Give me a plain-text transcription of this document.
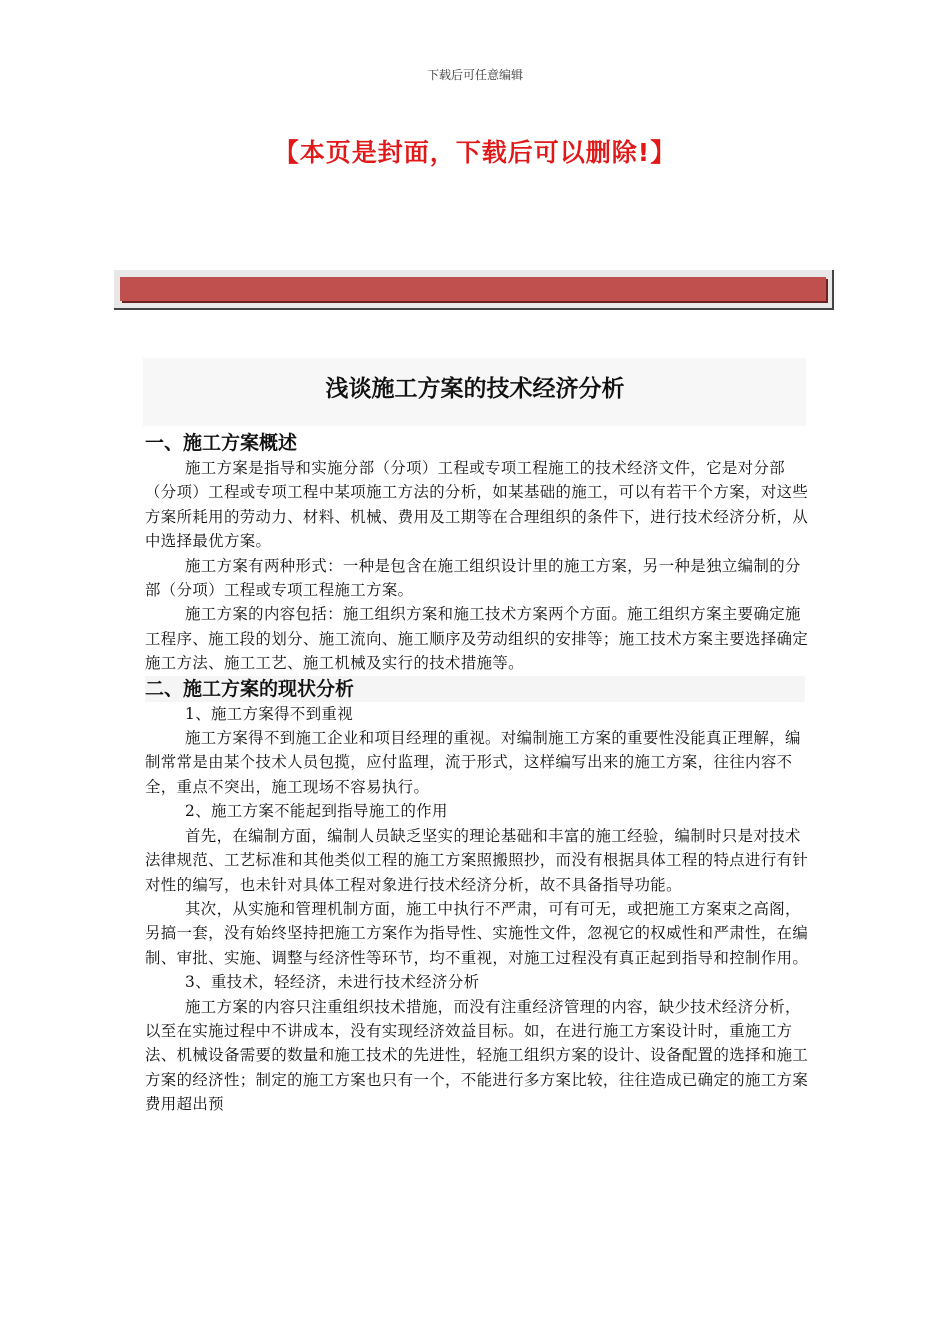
下载后可任意编辑
【本页是封面，下载后可以删除!】
浅谈施工方案的技术经济分析
一、施工方案概述

施工方案是指导和实施分部（分项）工程或专项工程施工的技术经济文件，它是对分部（分项）工程或专项工程中某项施工方法的分析，如某基础的施工，可以有若干个方案，对这些方案所耗用的劳动力、材料、机械、费用及工期等在合理组织的条件下，进行技术经济分析，从中选择最优方案。

施工方案有两种形式：一种是包含在施工组织设计里的施工方案，另一种是独立编制的分部（分项）工程或专项工程施工方案。

施工方案的内容包括：施工组织方案和施工技术方案两个方面。施工组织方案主要确定施工程序、施工段的划分、施工流向、施工顺序及劳动组织的安排等；施工技术方案主要选择确定施工方法、施工工艺、施工机械及实行的技术措施等。

二、施工方案的现状分析

1、施工方案得不到重视

施工方案得不到施工企业和项目经理的重视。对编制施工方案的重要性没能真正理解，编制常常是由某个技术人员包揽，应付监理，流于形式，这样编写出来的施工方案，往往内容不全，重点不突出，施工现场不容易执行。

2、施工方案不能起到指导施工的作用

首先，在编制方面，编制人员缺乏坚实的理论基础和丰富的施工经验，编制时只是对技术法律规范、工艺标准和其他类似工程的施工方案照搬照抄，而没有根据具体工程的特点进行有针对性的编写，也未针对具体工程对象进行技术经济分析，故不具备指导功能。

其次，从实施和管理机制方面，施工中执行不严肃，可有可无，或把施工方案束之高阁，另搞一套，没有始终坚持把施工方案作为指导性、实施性文件，忽视它的权威性和严肃性，在编制、审批、实施、调整与经济性等环节，均不重视，对施工过程没有真正起到指导和控制作用。

3、重技术，轻经济，未进行技术经济分析

施工方案的内容只注重组织技术措施，而没有注重经济管理的内容，缺少技术经济分析，以至在实施过程中不讲成本，没有实现经济效益目标。如，在进行施工方案设计时，重施工方法、机械设备需要的数量和施工技术的先进性，轻施工组织方案的设计、设备配置的选择和施工方案的经济性；制定的施工方案也只有一个，不能进行多方案比较，往往造成已确定的施工方案费用超出预
